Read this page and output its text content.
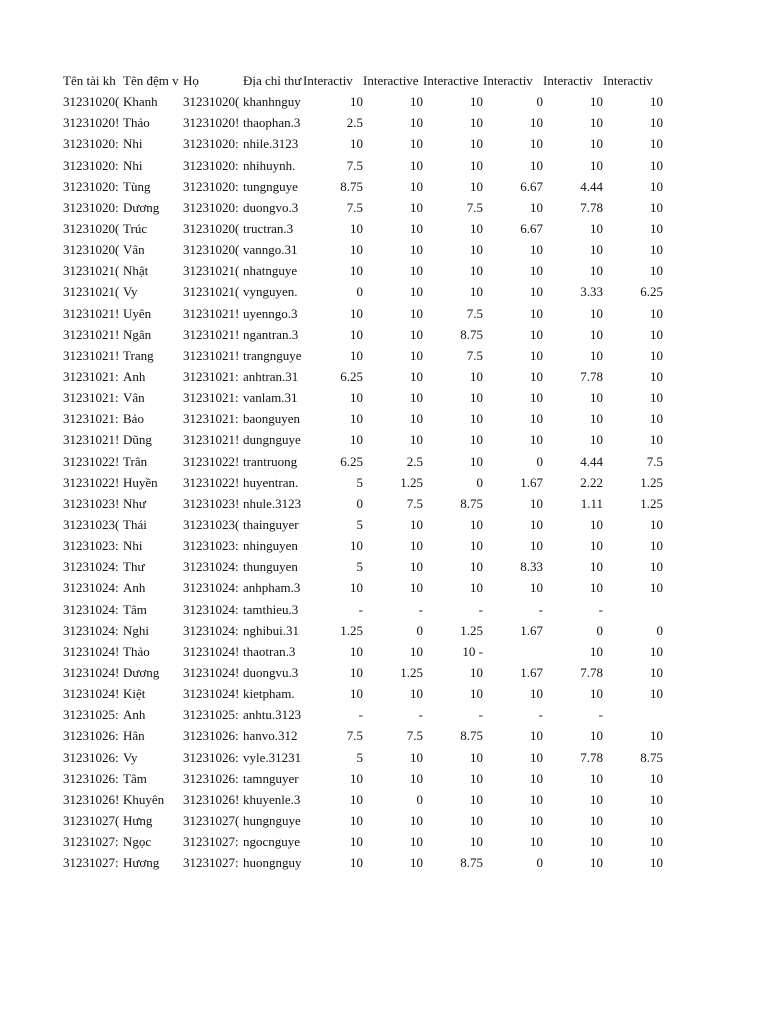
Tên tài kh Tên đệm v Họ	Địa chỉ thư Interactiv Interactive Interactive Interactiv Interactiv Interactiv
31231020( Khanh	31231020( khanhnguy	10	10	10	0	10	10
31231020! Thảo	31231020! thaophan.3	2.5	10	10	10	10	10
31231020: Nhi	31231020: nhile.3123	10	10	10	10	10	10
31231020: Nhi	31231020: nhihuynh.	7.5	10	10	10	10	10
31231020: Tùng	31231020: tungnguye	8.75	10	10	6.67	4.44	10
31231020: Dương	31231020: duongvo.3	7.5	10	7.5	10	7.78	10
31231020( Trúc	31231020( tructran.3	10	10	10	6.67	10	10
31231020( Vân	31231020( vanngo.31	10	10	10	10	10	10
31231021( Nhật	31231021( nhatnguye	10	10	10	10	10	10
31231021( Vy	31231021( vynguyen.	0	10	10	10	3.33	6.25
31231021! Uyên	31231021! uyenngo.3	10	10	7.5	10	10	10
31231021! Ngân	31231021! ngantran.3	10	10	8.75	10	10	10
31231021! Trang	31231021! trangnguye	10	10	7.5	10	10	10
31231021: Anh	31231021: anhtran.31	6.25	10	10	10	7.78	10
31231021: Vân	31231021: vanlam.31	10	10	10	10	10	10
31231021: Bảo	31231021: baonguyen	10	10	10	10	10	10
31231021! Dũng	31231021! dungnguye	10	10	10	10	10	10
31231022! Trân	31231022! trantruong	6.25	2.5	10	0	4.44	7.5
31231022! Huyền	31231022! huyentran.	5	1.25	0	1.67	2.22	1.25
31231023! Như	31231023! nhule.3123	0	7.5	8.75	10	1.11	1.25
31231023( Thái	31231023( thainguyer	5	10	10	10	10	10
31231023: Nhi	31231023: nhinguyen	10	10	10	10	10	10
31231024: Thư	31231024: thunguyen	5	10	10	8.33	10	10
31231024: Anh	31231024: anhpham.3	10	10	10	10	10	10
31231024: Tâm	31231024: tamthieu.3	-	-	-	-	-
31231024: Nghi	31231024: nghibui.31	1.25	0	1.25	1.67	0	0
31231024! Thảo	31231024! thaotran.3	10	10	10 -	10	10
31231024! Dương	31231024! duongvu.3	10	1.25	10	1.67	7.78	10
31231024! Kiệt	31231024! kietpham.	10	10	10	10	10	10
31231025: Anh	31231025: anhtu.3123	-	-	-	-	-
31231026: Hân	31231026: hanvo.312	7.5	7.5	8.75	10	10	10
31231026: Vy	31231026: vyle.31231	5	10	10	10	7.78	8.75
31231026: Tâm	31231026: tamnguyer	10	10	10	10	10	10
31231026! Khuyên	31231026! khuyenle.3	10	0	10	10	10	10
31231027( Hưng	31231027( hungnguye	10	10	10	10	10	10
31231027: Ngọc	31231027: ngocnguye	10	10	10	10	10	10
31231027: Hương	31231027: huongnguy	10	10	8.75	0	10	10
